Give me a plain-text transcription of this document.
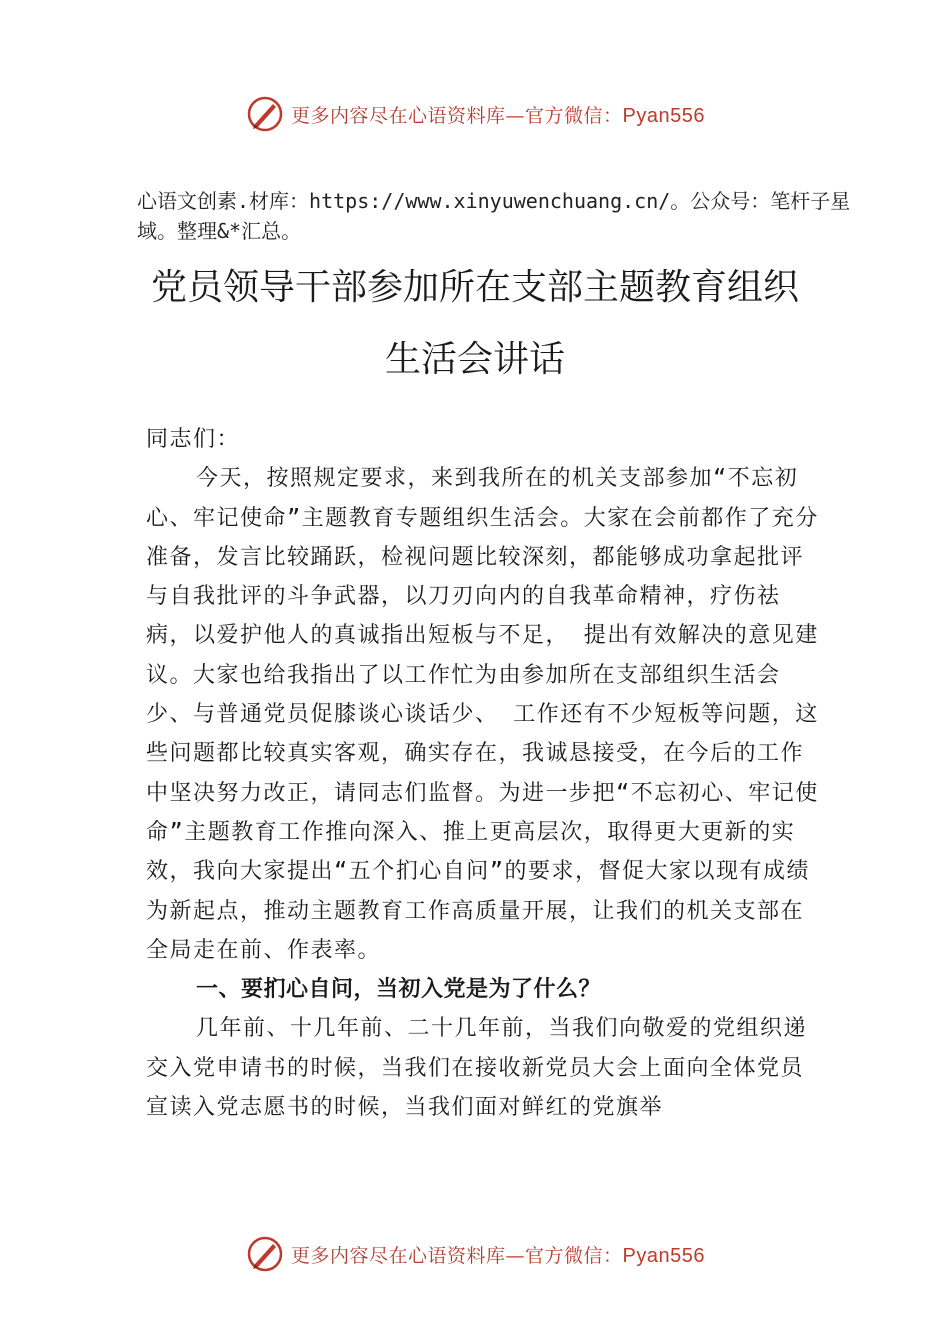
更多内容尽在心语资料库—官方微信：Pyan556
心语文创素.材库：https://www.xinyuwenchuang.cn/。公众号：笔杆子星域。整理&*汇总。
党员领导干部参加所在支部主题教育组织
生活会讲话

同志们：

今天，按照规定要求，来到我所在的机关支部参加“不忘初心、牢记使命”主题教育专题组织生活会。大家在会前都作了充分准备，发言比较踊跃，检视问题比较深刻，都能够成功拿起批评与自我批评的斗争武器，以刀刃向内的自我革命精神，疗伤祛病，以爱护他人的真诚指出短板与不足， 提出有效解决的意见建议。大家也给我指出了以工作忙为由参加所在支部组织生活会少、与普通党员促膝谈心谈话少、 工作还有不少短板等问题，这些问题都比较真实客观，确实存在，我诚恳接受，在今后的工作中坚决努力改正，请同志们监督。为进一步把“不忘初心、牢记使命”主题教育工作推向深入、推上更高层次，取得更大更新的实效，我向大家提出“五个扪心自问”的要求，督促大家以现有成绩为新起点，推动主题教育工作高质量开展，让我们的机关支部在全局走在前、作表率。

一、要扪心自问，当初入党是为了什么？

几年前、十几年前、二十几年前，当我们向敬爱的党组织递交入党申请书的时候，当我们在接收新党员大会上面向全体党员宣读入党志愿书的时候，当我们面对鲜红的党旗举

更多内容尽在心语资料库—官方微信：Pyan556
